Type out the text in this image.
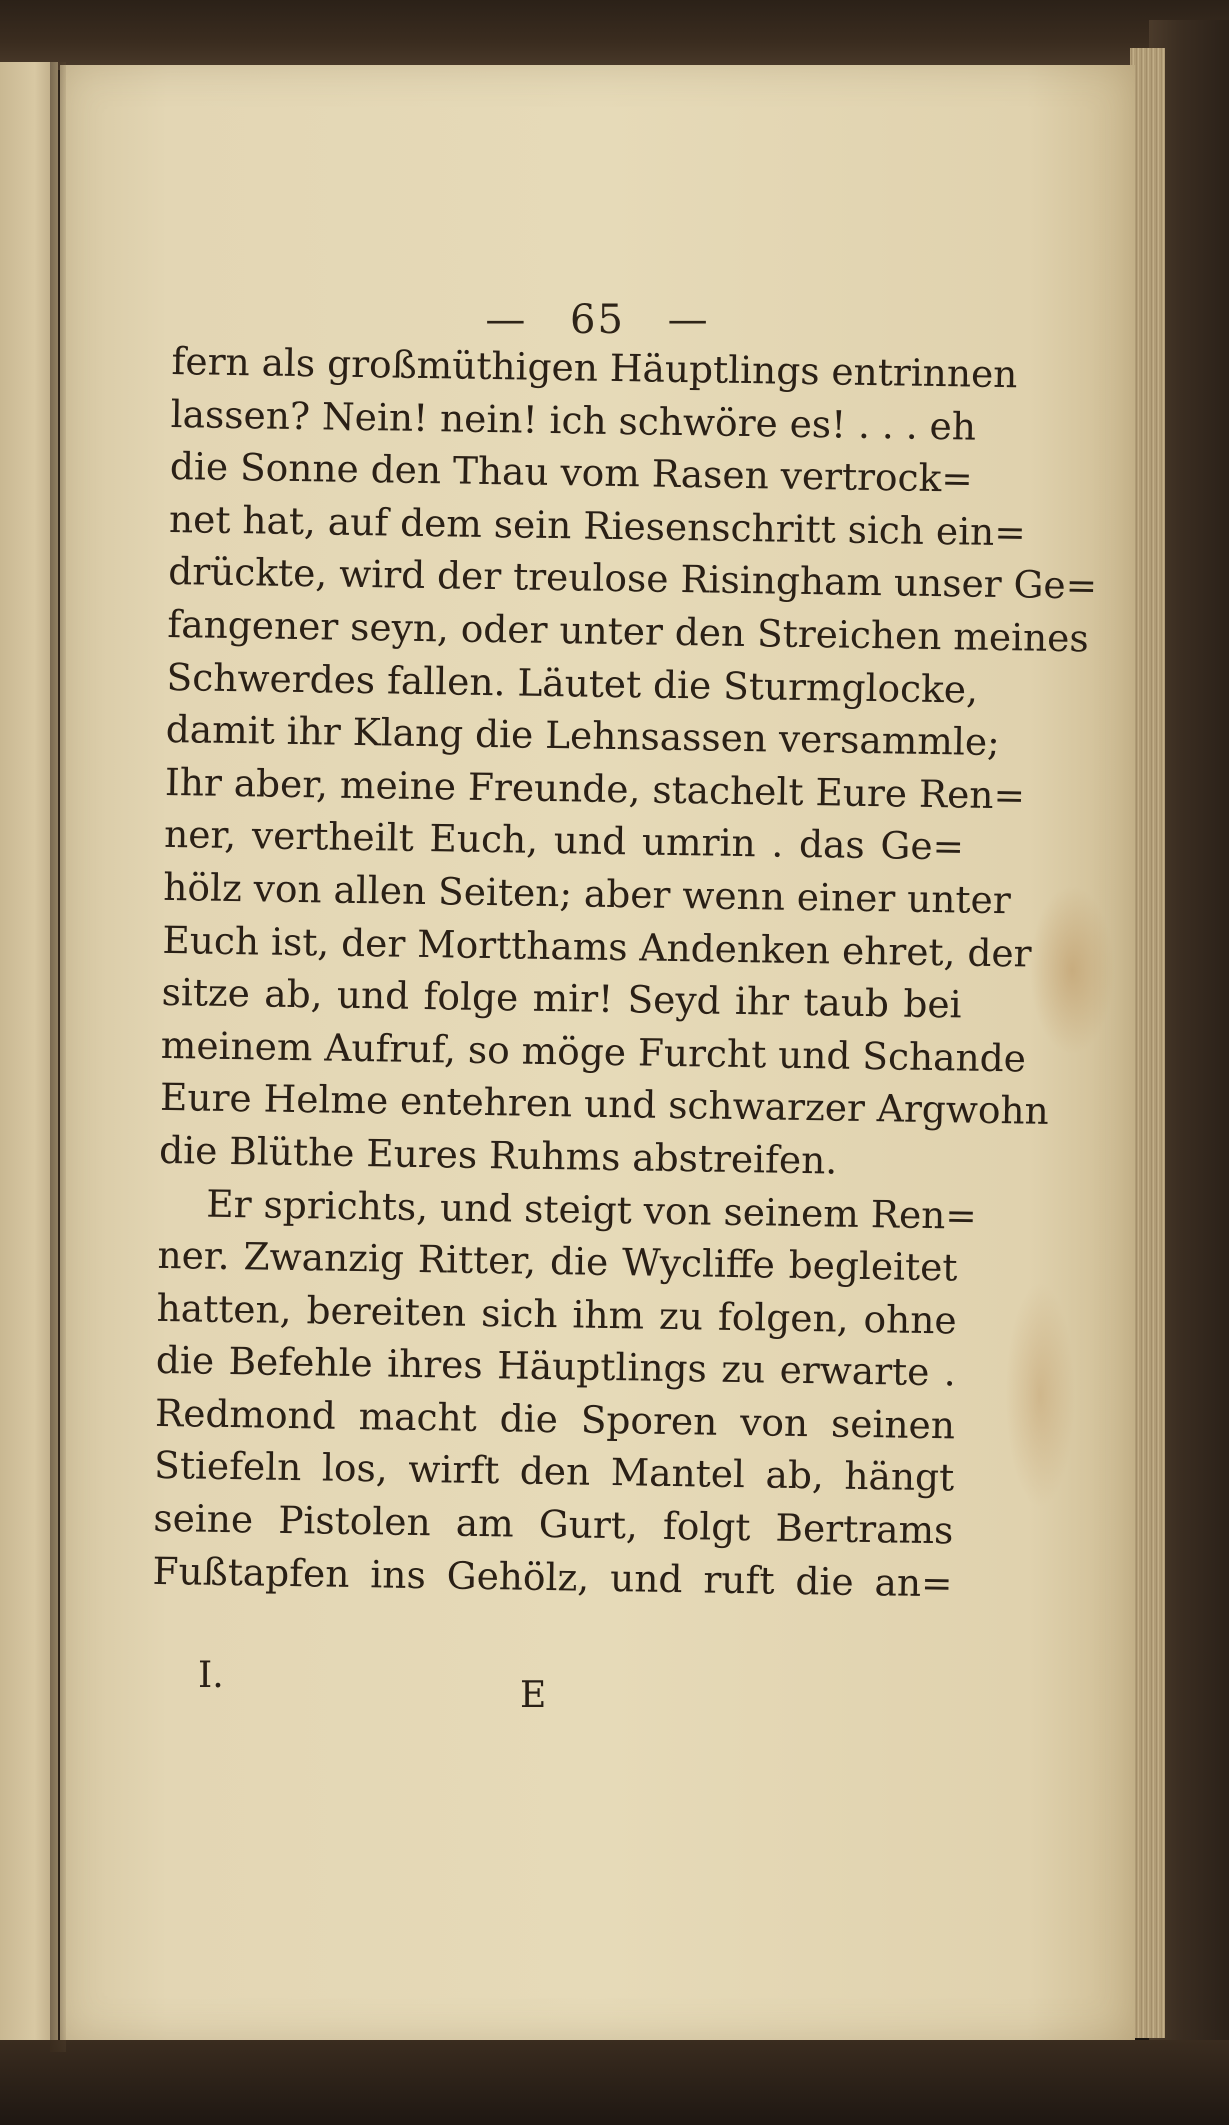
— 65 —
fern als großmüthigen Häuptlings entrinnen
lassen? Nein! nein! ich schwöre es! . . . eh
die Sonne den Thau vom Rasen vertrock=
net hat, auf dem sein Riesenschritt sich ein=
drückte, wird der treulose Risingham unser Ge=
fangener seyn, oder unter den Streichen meines
Schwerdes fallen. Läutet die Sturmglocke,
damit ihr Klang die Lehnsassen versammle;
Ihr aber, meine Freunde, stachelt Eure Ren=
ner, vertheilt Euch, und umrin . das Ge=
hölz von allen Seiten; aber wenn einer unter
Euch ist, der Mortthams Andenken ehret, der
sitze ab, und folge mir! Seyd ihr taub bei
meinem Aufruf, so möge Furcht und Schande
Eure Helme entehren und schwarzer Argwohn
die Blüthe Eures Ruhms abstreifen.
Er sprichts, und steigt von seinem Ren=
ner. Zwanzig Ritter, die Wycliffe begleitet
hatten, bereiten sich ihm zu folgen, ohne
die Befehle ihres Häuptlings zu erwarte .
Redmond macht die Sporen von seinen
Stiefeln los, wirft den Mantel ab, hängt
seine Pistolen am Gurt, folgt Bertrams
Fußtapfen ins Gehölz, und ruft die an=
I.	E
